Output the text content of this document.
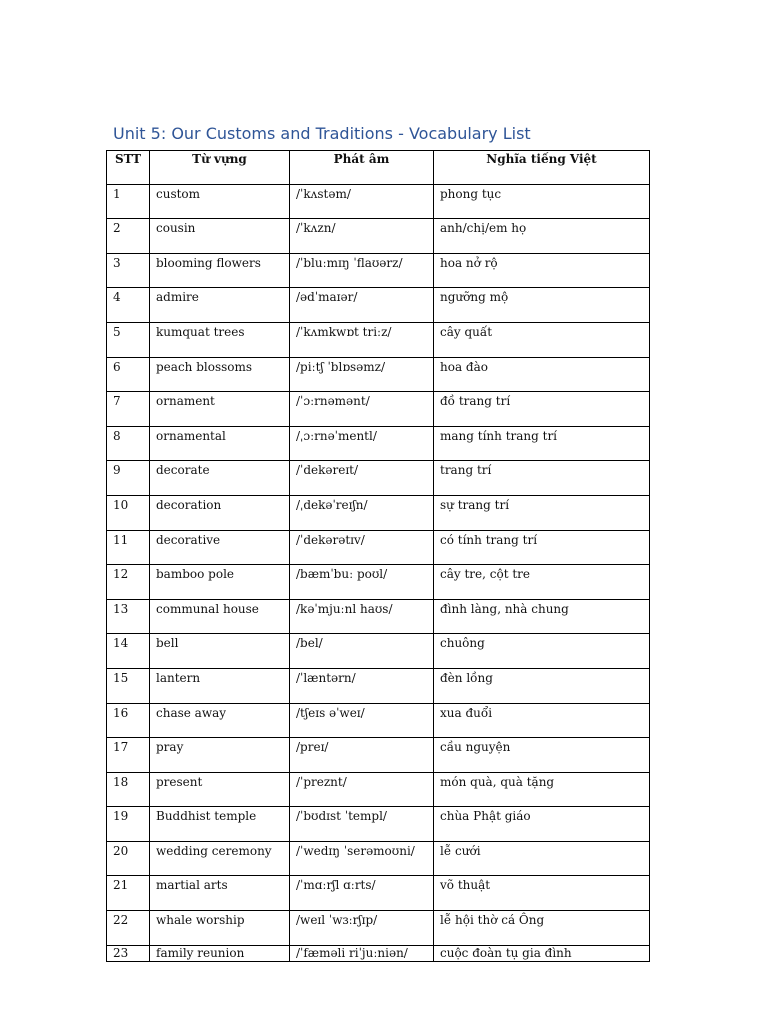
Unit 5: Our Customs and Traditions - Vocabulary List
STT	Từ vựng	Phát âm	Nghĩa tiếng Việt
1	custom	/ˈkʌstəm/	phong tục
2	cousin	/ˈkʌzn/	anh/chị/em họ
3	blooming flowers	/ˈbluːmɪŋ ˈflaʊərz/	hoa nở rộ
4	admire	/ədˈmaɪər/	ngưỡng mộ
5	kumquat trees	/ˈkʌmkwɒt triːz/	cây quất
6	peach blossoms	/piːtʃ ˈblɒsəmz/	hoa đào
7	ornament	/ˈɔːrnəmənt/	đồ trang trí
8	ornamental	/ˌɔːrnəˈmentl/	mang tính trang trí
9	decorate	/ˈdekəreɪt/	trang trí
10	decoration	/ˌdekəˈreɪʃn/	sự trang trí
11	decorative	/ˈdekərətɪv/	có tính trang trí
12	bamboo pole	/bæmˈbuː poʊl/	cây tre, cột tre
13	communal house	/kəˈmjuːnl haʊs/	đình làng, nhà chung
14	bell	/bel/	chuông
15	lantern	/ˈlæntərn/	đèn lồng
16	chase away	/tʃeɪs əˈweɪ/	xua đuổi
17	pray	/preɪ/	cầu nguyện
18	present	/ˈpreznt/	món quà, quà tặng
19	Buddhist temple	/ˈbʊdɪst ˈtempl/	chùa Phật giáo
20	wedding ceremony	/ˈwedɪŋ ˈserəmoʊni/	lễ cưới
21	martial arts	/ˈmɑːrʃl ɑːrts/	võ thuật
22	whale worship	/weɪl ˈwɜːrʃɪp/	lễ hội thờ cá Ông
23	family reunion	/ˈfæməli riˈjuːniən/	cuộc đoàn tụ gia đình
